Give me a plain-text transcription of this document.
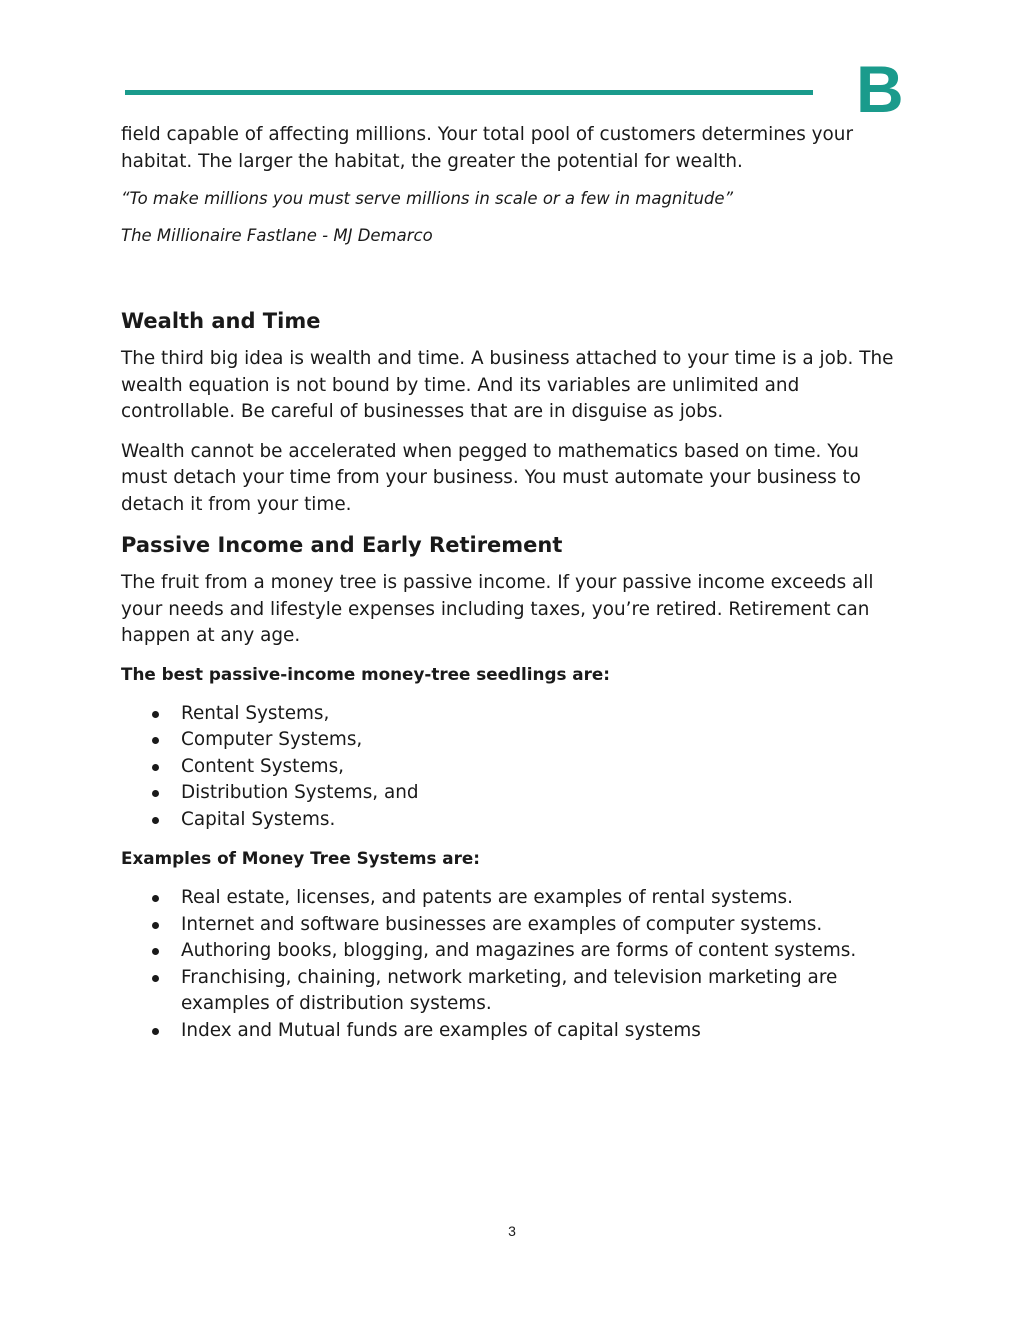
B

field capable of affecting millions. Your total pool of customers determines your habitat. The larger the habitat, the greater the potential for wealth.

“To make millions you must serve millions in scale or a few in magnitude”

The Millionaire Fastlane - MJ Demarco

Wealth and Time

The third big idea is wealth and time. A business attached to your time is a job. The wealth equation is not bound by time. And its variables are unlimited and controllable. Be careful of businesses that are in disguise as jobs.

Wealth cannot be accelerated when pegged to mathematics based on time. You must detach your time from your business. You must automate your business to detach it from your time.

Passive Income and Early Retirement

The fruit from a money tree is passive income. If your passive income exceeds all your needs and lifestyle expenses including taxes, you’re retired. Retirement can happen at any age.

The best passive-income money-tree seedlings are:

Rental Systems,
Computer Systems,
Content Systems,
Distribution Systems, and
Capital Systems.

Examples of Money Tree Systems are:

Real estate, licenses, and patents are examples of rental systems.
Internet and software businesses are examples of computer systems.
Authoring books, blogging, and magazines are forms of content systems.
Franchising, chaining, network marketing, and television marketing are examples of distribution systems.
Index and Mutual funds are examples of capital systems
3
